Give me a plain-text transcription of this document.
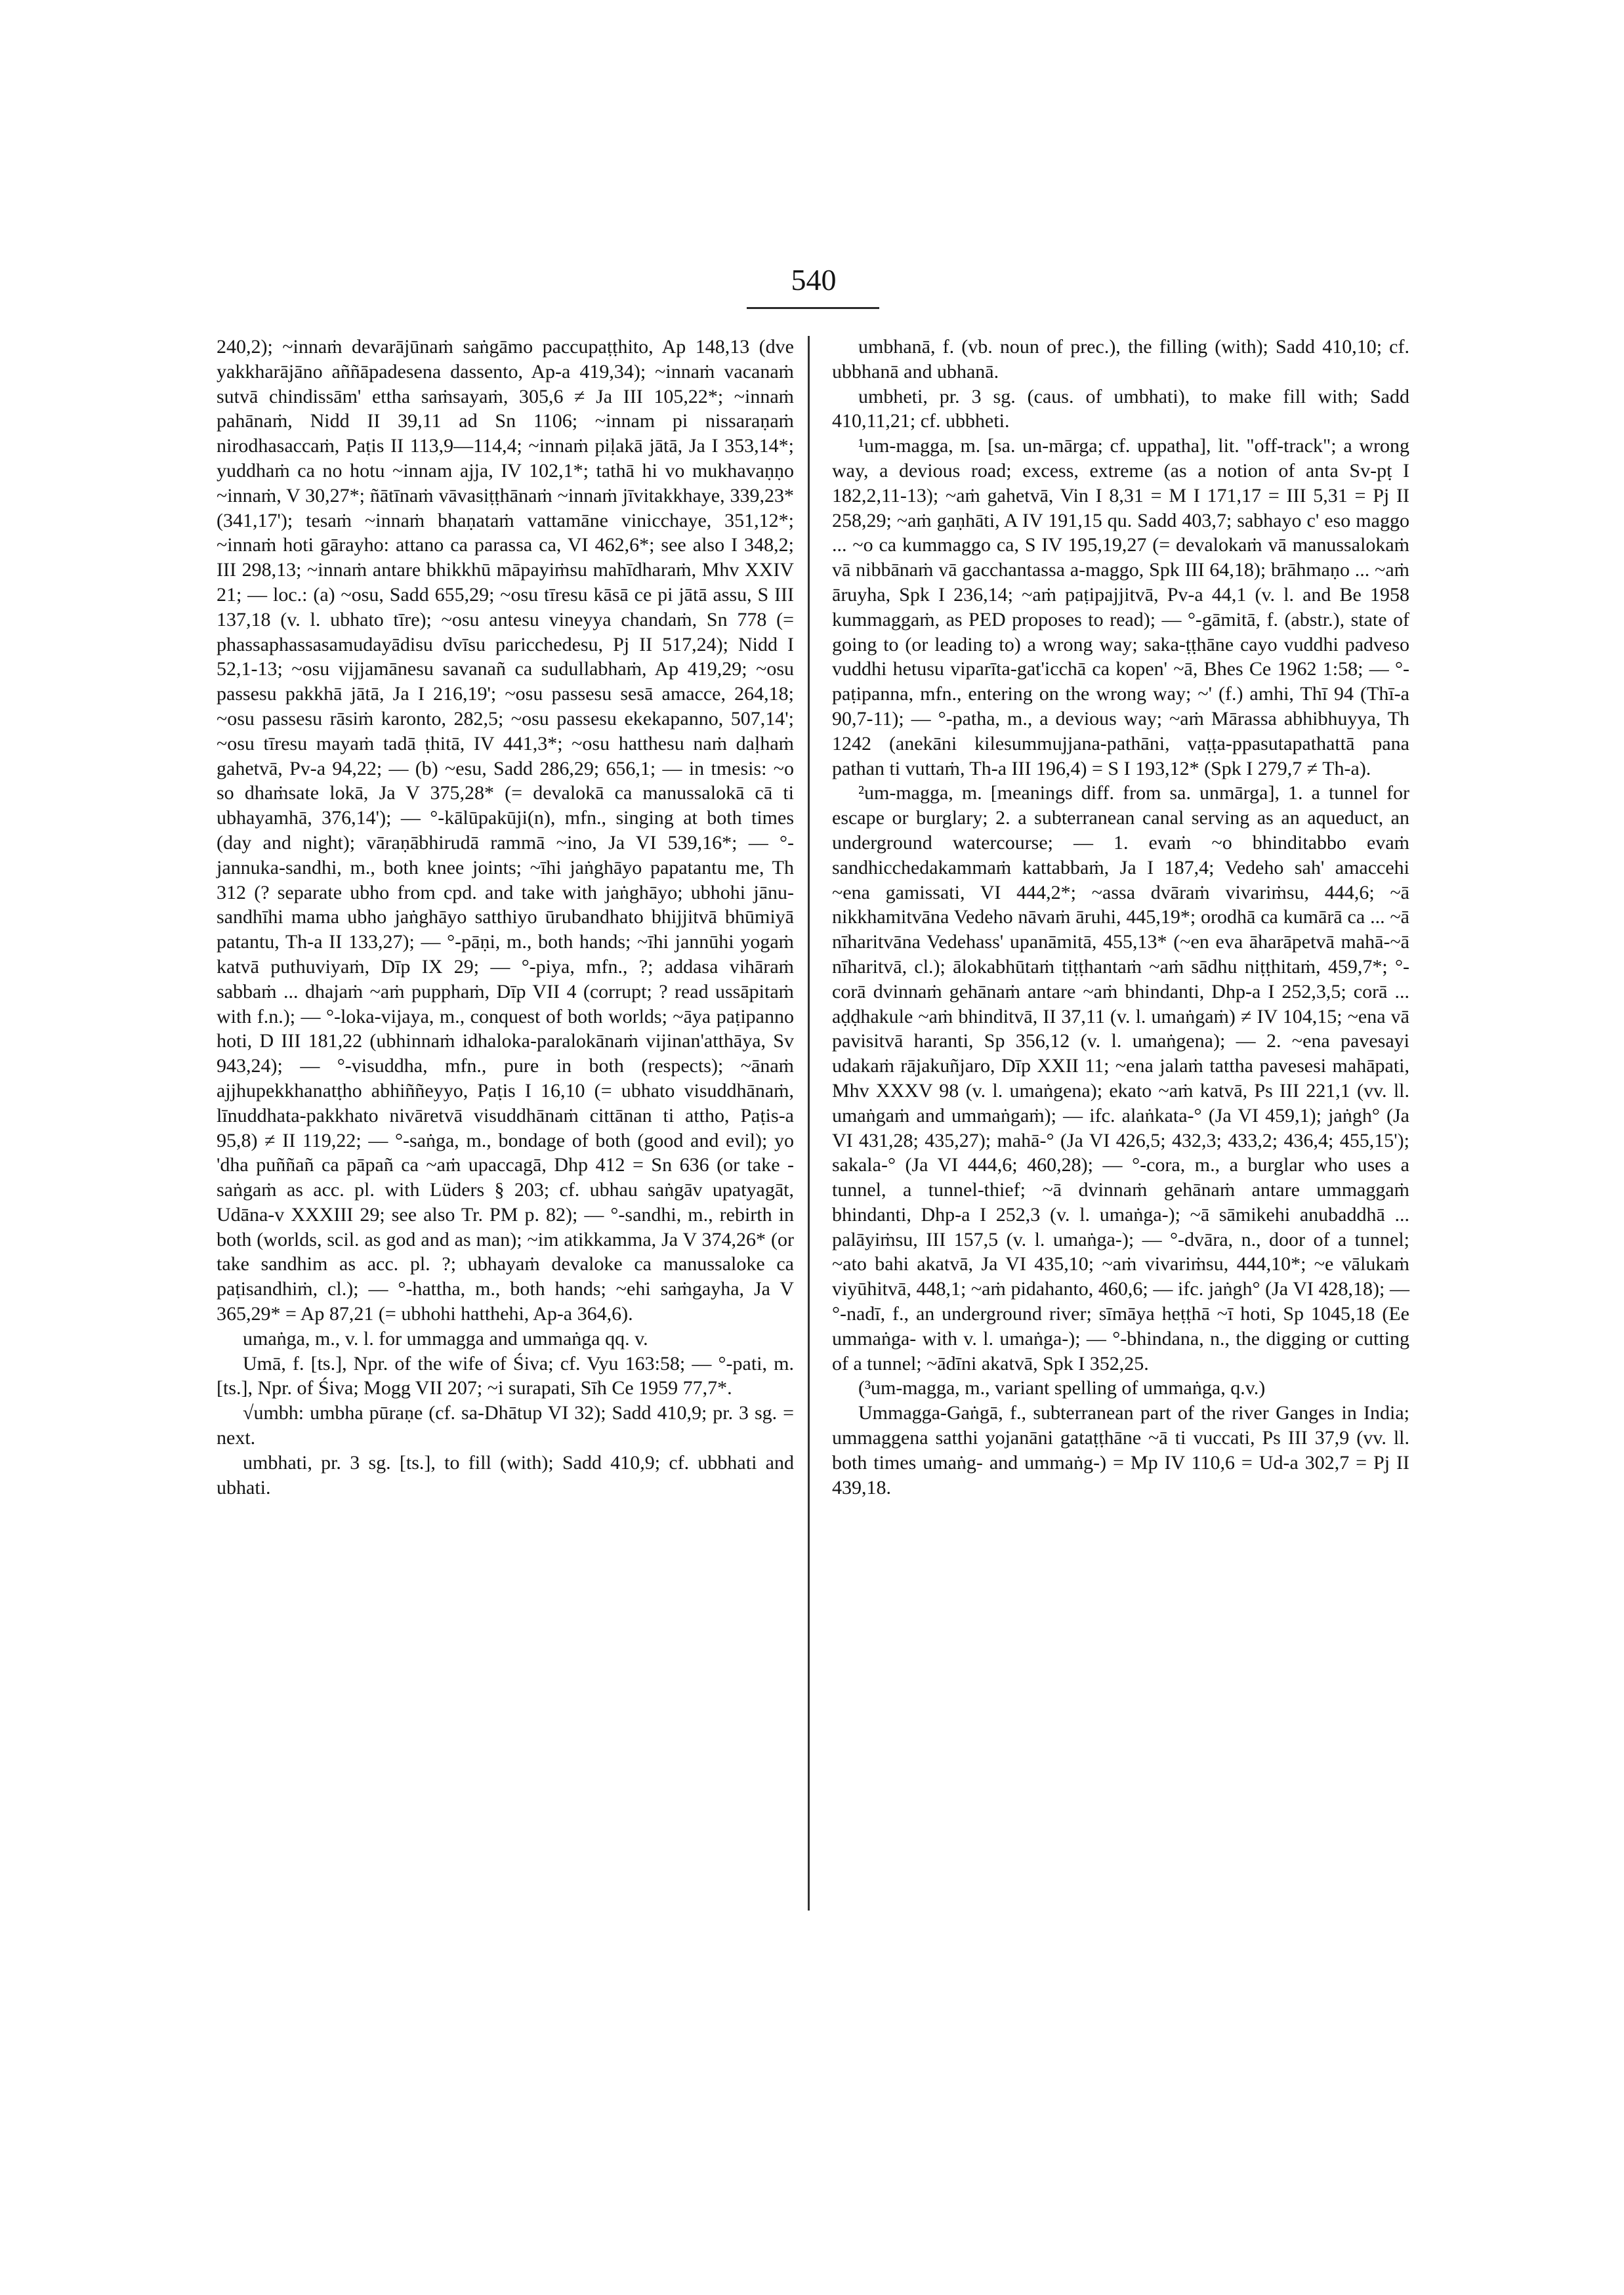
540

240,2); ~innaṁ devarājūnaṁ saṅgāmo paccupaṭṭhito, Ap 148,13 (dve yakkharājāno aññāpadesena dassento, Ap-a 419,34); ~innaṁ vacanaṁ sutvā chindissām' ettha saṁsayaṁ, 305,6 ≠ Ja III 105,22*; ~innaṁ pahānaṁ, Nidd II 39,11 ad Sn 1106; ~innam pi nissaraṇaṁ nirodhasaccaṁ, Paṭis II 113,9—114,4; ~innaṁ piḷakā jātā, Ja I 353,14*; yuddhaṁ ca no hotu ~innam ajja, IV 102,1*; tathā hi vo mukhavaṇṇo ~innaṁ, V 30,27*; ñātīnaṁ vāvasiṭṭhānaṁ ~innaṁ jīvitakkhaye, 339,23* (341,17'); tesaṁ ~innaṁ bhaṇataṁ vattamāne vinicchaye, 351,12*; ~innaṁ hoti gārayho: attano ca parassa ca, VI 462,6*; see also I 348,2; III 298,13; ~innaṁ antare bhikkhū māpayiṁsu mahīdharaṁ, Mhv XXIV 21; — loc.: (a) ~osu, Sadd 655,29; ~osu tīresu kāsā ce pi jātā assu, S III 137,18 (v. l. ubhato tīre); ~osu antesu vineyya chandaṁ, Sn 778 (= phassaphassasamudayādisu dvīsu paricchedesu, Pj II 517,24); Nidd I 52,1-13; ~osu vijjamānesu savanañ ca sudullabhaṁ, Ap 419,29; ~osu passesu pakkhā jātā, Ja I 216,19'; ~osu passesu sesā amacce, 264,18; ~osu passesu rāsiṁ karonto, 282,5; ~osu passesu ekekapanno, 507,14'; ~osu tīresu mayaṁ tadā ṭhitā, IV 441,3*; ~osu hatthesu naṁ daḷhaṁ gahetvā, Pv-a 94,22; — (b) ~esu, Sadd 286,29; 656,1; — in tmesis: ~o so dhaṁsate lokā, Ja V 375,28* (= devalokā ca manussalokā cā ti ubhayamhā, 376,14'); — °-kālūpakūji(n), mfn., singing at both times (day and night); vāraṇābhirudā rammā ~ino, Ja VI 539,16*; — °-jannuka-sandhi, m., both knee joints; ~īhi jaṅghāyo papatantu me, Th 312 (? separate ubho from cpd. and take with jaṅghāyo; ubhohi jānu-sandhīhi mama ubho jaṅghāyo satthiyo ūrubandhato bhijjitvā bhūmiyā patantu, Th-a II 133,27); — °-pāṇi, m., both hands; ~īhi jannūhi yogaṁ katvā puthuviyaṁ, Dīp IX 29; — °-piya, mfn., ?; addasa vihāraṁ sabbaṁ ... dhajaṁ ~aṁ pupphaṁ, Dīp VII 4 (corrupt; ? read ussāpitaṁ with f.n.); — °-loka-vijaya, m., conquest of both worlds; ~āya paṭipanno hoti, D III 181,22 (ubhinnaṁ idhaloka-paralokānaṁ vijinan'atthāya, Sv 943,24); — °-visuddha, mfn., pure in both (respects); ~ānaṁ ajjhupekkhanatṭho abhiññeyyo, Paṭis I 16,10 (= ubhato visuddhānaṁ, līnuddhata-pakkhato nivāretvā visuddhānaṁ cittānan ti attho, Paṭis-a 95,8) ≠ II 119,22; — °-saṅga, m., bondage of both (good and evil); yo 'dha puññañ ca pāpañ ca ~aṁ upaccagā, Dhp 412 = Sn 636 (or take -saṅgaṁ as acc. pl. with Lüders § 203; cf. ubhau saṅgāv upatyagāt, Udāna-v XXXIII 29; see also Tr. PM p. 82); — °-sandhi, m., rebirth in both (worlds, scil. as god and as man); ~im atikkamma, Ja V 374,26* (or take sandhim as acc. pl. ?; ubhayaṁ devaloke ca manussaloke ca paṭisandhiṁ, cl.); — °-hattha, m., both hands; ~ehi saṁgayha, Ja V 365,29* = Ap 87,21 (= ubhohi hatthehi, Ap-a 364,6).

umaṅga, m., v. l. for ummagga and ummaṅga qq. v.

Umā, f. [ts.], Npr. of the wife of Śiva; cf. Vyu 163:58; — °-pati, m. [ts.], Npr. of Śiva; Mogg VII 207; ~i surapati, Sīh Ce 1959 77,7*.

√umbh: umbha pūraṇe (cf. sa-Dhātup VI 32); Sadd 410,9; pr. 3 sg. = next.

umbhati, pr. 3 sg. [ts.], to fill (with); Sadd 410,9; cf. ubbhati and ubhati.

umbhanā, f. (vb. noun of prec.), the filling (with); Sadd 410,10; cf. ubbhanā and ubhanā.

umbheti, pr. 3 sg. (caus. of umbhati), to make fill with; Sadd 410,11,21; cf. ubbheti.

¹um-magga, m. [sa. un-mārga; cf. uppatha], lit. "off-track"; a wrong way, a devious road; excess, extreme (as a notion of anta Sv-pṭ I 182,2,11-13); ~aṁ gahetvā, Vin I 8,31 = M I 171,17 = III 5,31 = Pj II 258,29; ~aṁ gaṇhāti, A IV 191,15 qu. Sadd 403,7; sabhayo c' eso maggo ... ~o ca kummaggo ca, S IV 195,19,27 (= devalokaṁ vā manussalokaṁ vā nibbānaṁ vā gacchantassa a-maggo, Spk III 64,18); brāhmaṇo ... ~aṁ āruyha, Spk I 236,14; ~aṁ paṭipajjitvā, Pv-a 44,1 (v. l. and Be 1958 kummaggaṁ, as PED proposes to read); — °-gāmitā, f. (abstr.), state of going to (or leading to) a wrong way; saka-ṭṭhāne cayo vuddhi padveso vuddhi hetusu viparīta-gat'icchā ca kopen' ~ā, Bhes Ce 1962 1:58; — °-paṭipanna, mfn., entering on the wrong way; ~' (f.) amhi, Thī 94 (Thī-a 90,7-11); — °-patha, m., a devious way; ~aṁ Mārassa abhibhuyya, Th 1242 (anekāni kilesummujjana-pathāni, vaṭṭa-ppasutapathattā pana pathan ti vuttaṁ, Th-a III 196,4) = S I 193,12* (Spk I 279,7 ≠ Th-a).

²um-magga, m. [meanings diff. from sa. unmārga], 1. a tunnel for escape or burglary; 2. a subterranean canal serving as an aqueduct, an underground watercourse; — 1. evaṁ ~o bhinditabbo evaṁ sandhicchedakammaṁ kattabbaṁ, Ja I 187,4; Vedeho sah' amaccehi ~ena gamissati, VI 444,2*; ~assa dvāraṁ vivariṁsu, 444,6; ~ā nikkhamitvāna Vedeho nāvaṁ āruhi, 445,19*; orodhā ca kumārā ca ... ~ā nīharitvāna Vedehass' upanāmitā, 455,13* (~en eva āharāpetvā mahā-~ā nīharitvā, cl.); ālokabhūtaṁ tiṭṭhantaṁ ~aṁ sādhu niṭṭhitaṁ, 459,7*; °-corā dvinnaṁ gehānaṁ antare ~aṁ bhindanti, Dhp-a I 252,3,5; corā ... aḍḍhakule ~aṁ bhinditvā, II 37,11 (v. l. umaṅgaṁ) ≠ IV 104,15; ~ena vā pavisitvā haranti, Sp 356,12 (v. l. umaṅgena); — 2. ~ena pavesayi udakaṁ rājakuñjaro, Dīp XXII 11; ~ena jalaṁ tattha pavesesi mahāpati, Mhv XXXV 98 (v. l. umaṅgena); ekato ~aṁ katvā, Ps III 221,1 (vv. ll. umaṅgaṁ and ummaṅgaṁ); — ifc. alaṅkata-° (Ja VI 459,1); jaṅgh° (Ja VI 431,28; 435,27); mahā-° (Ja VI 426,5; 432,3; 433,2; 436,4; 455,15'); sakala-° (Ja VI 444,6; 460,28); — °-cora, m., a burglar who uses a tunnel, a tunnel-thief; ~ā dvinnaṁ gehānaṁ antare ummaggaṁ bhindanti, Dhp-a I 252,3 (v. l. umaṅga-); ~ā sāmikehi anubaddhā ... palāyiṁsu, III 157,5 (v. l. umaṅga-); — °-dvāra, n., door of a tunnel; ~ato bahi akatvā, Ja VI 435,10; ~aṁ vivariṁsu, 444,10*; ~e vālukaṁ viyūhitvā, 448,1; ~aṁ pidahanto, 460,6; — ifc. jaṅgh° (Ja VI 428,18); — °-nadī, f., an underground river; sīmāya heṭṭhā ~ī hoti, Sp 1045,18 (Ee ummaṅga- with v. l. umaṅga-); — °-bhindana, n., the digging or cutting of a tunnel; ~ādīni akatvā, Spk I 352,25.

(³um-magga, m., variant spelling of ummaṅga, q.v.)

Ummagga-Gaṅgā, f., subterranean part of the river Ganges in India; ummaggena satthi yojanāni gataṭṭhāne ~ā ti vuccati, Ps III 37,9 (vv. ll. both times umaṅg- and ummaṅg-) = Mp IV 110,6 = Ud-a 302,7 = Pj II 439,18.
